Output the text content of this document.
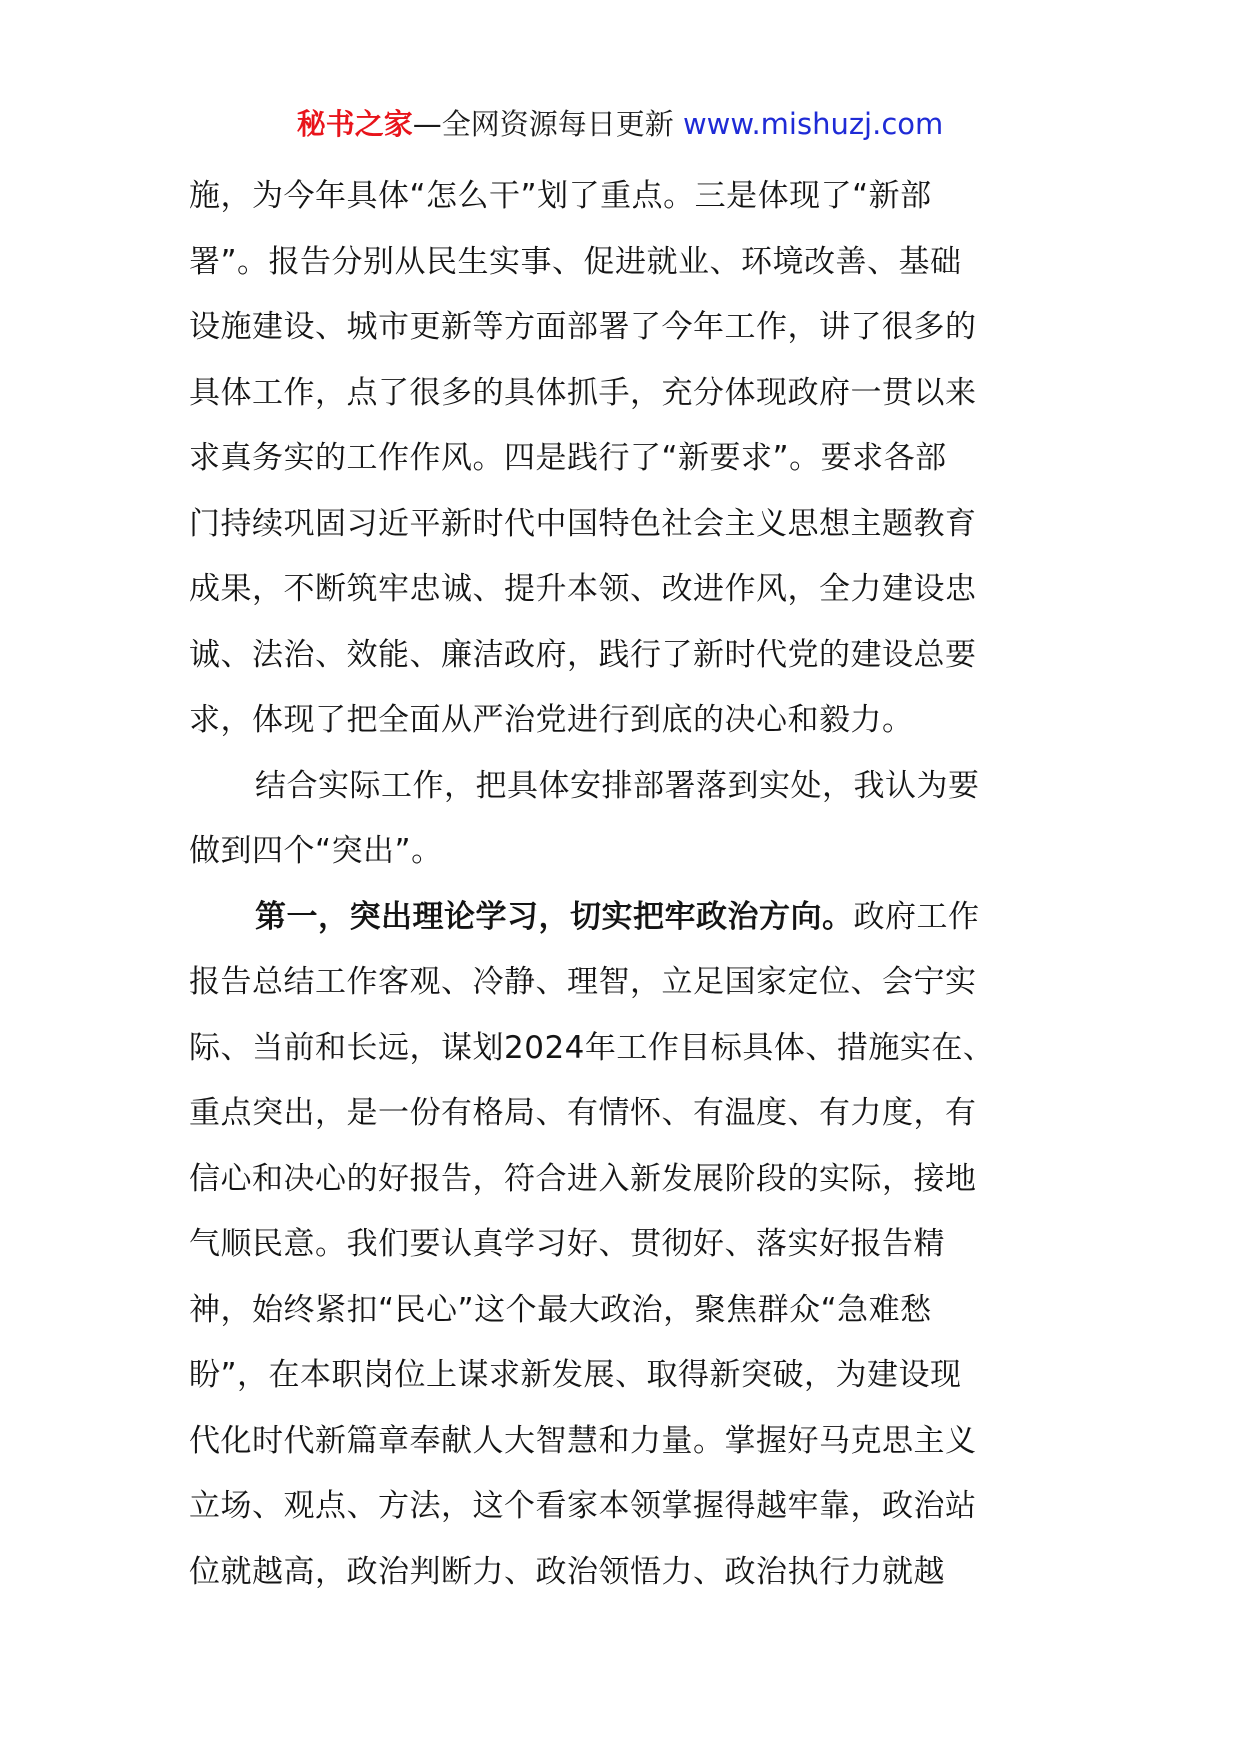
秘书之家—全网资源每日更新 www.mishuzj.com
施，为今年具体“怎么干”划了重点。三是体现了“新部
署”。报告分别从民生实事、促进就业、环境改善、基础
设施建设、城市更新等方面部署了今年工作，讲了很多的
具体工作，点了很多的具体抓手，充分体现政府一贯以来
求真务实的工作作风。四是践行了“新要求”。要求各部
门持续巩固习近平新时代中国特色社会主义思想主题教育
成果，不断筑牢忠诚、提升本领、改进作风，全力建设忠
诚、法治、效能、廉洁政府，践行了新时代党的建设总要
求，体现了把全面从严治党进行到底的决心和毅力。
结合实际工作，把具体安排部署落到实处，我认为要
做到四个“突出”。
第一，突出理论学习，切实把牢政治方向。政府工作
报告总结工作客观、冷静、理智，立足国家定位、会宁实
际、当前和长远，谋划2024年工作目标具体、措施实在、
重点突出，是一份有格局、有情怀、有温度、有力度，有
信心和决心的好报告，符合进入新发展阶段的实际，接地
气顺民意。我们要认真学习好、贯彻好、落实好报告精
神，始终紧扣“民心”这个最大政治，聚焦群众“急难愁
盼”，在本职岗位上谋求新发展、取得新突破，为建设现
代化时代新篇章奉献人大智慧和力量。掌握好马克思主义
立场、观点、方法，这个看家本领掌握得越牢靠，政治站
位就越高，政治判断力、政治领悟力、政治执行力就越
